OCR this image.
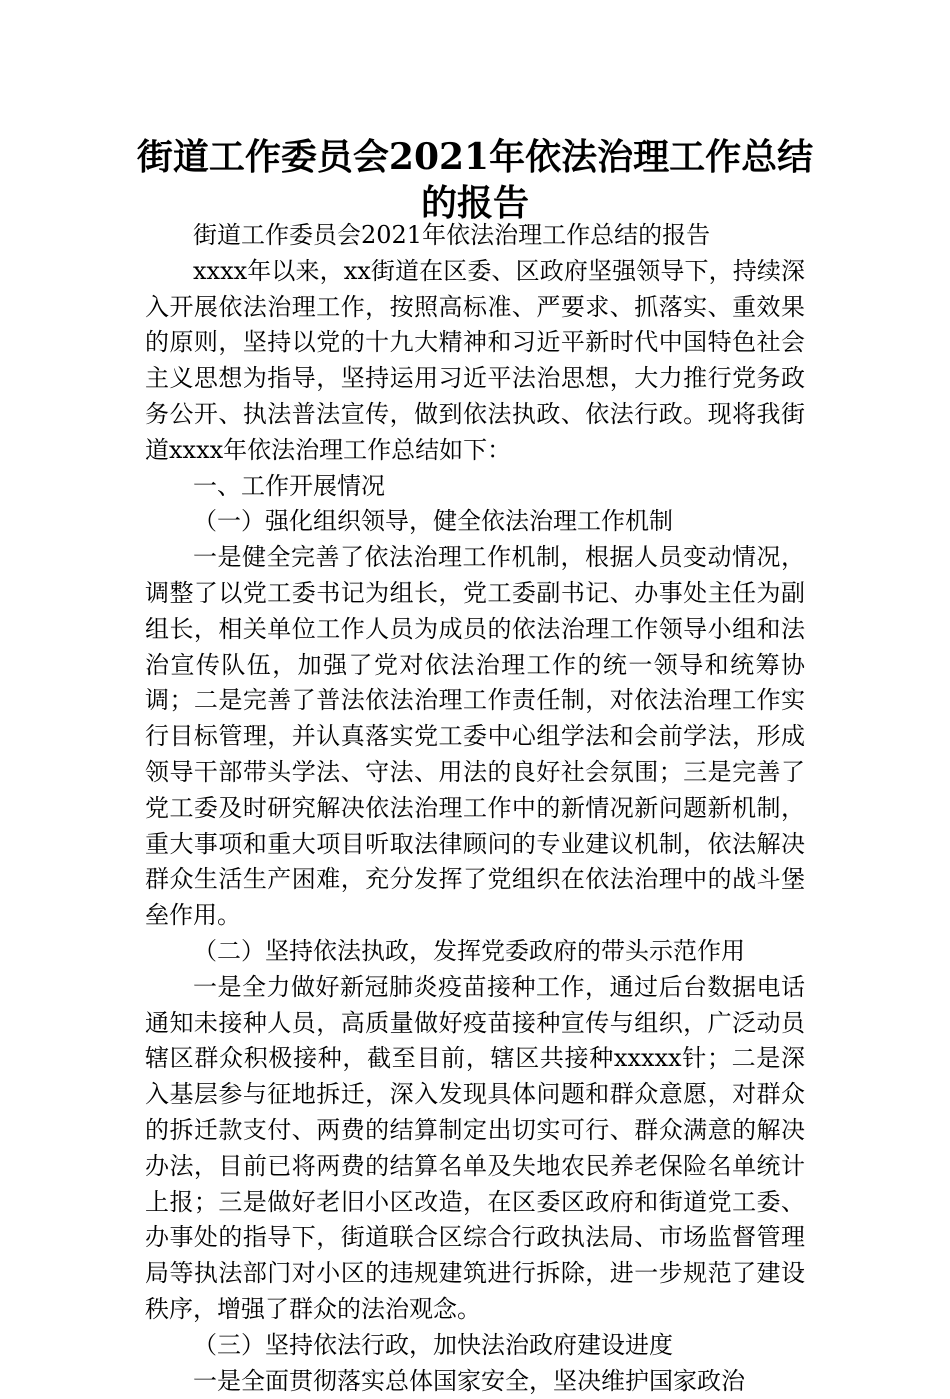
街道工作委员会2021年依法治理工作总结的报告

街道工作委员会2021年依法治理工作总结的报告

xxxx年以来，xx街道在区委、区政府坚强领导下，持续深入开展依法治理工作，按照高标准、严要求、抓落实、重效果的原则，坚持以党的十九大精神和习近平新时代中国特色社会主义思想为指导，坚持运用习近平法治思想，大力推行党务政务公开、执法普法宣传，做到依法执政、依法行政。现将我街道xxxx年依法治理工作总结如下：

一、工作开展情况

（一）强化组织领导，健全依法治理工作机制

一是健全完善了依法治理工作机制，根据人员变动情况，调整了以党工委书记为组长，党工委副书记、办事处主任为副组长，相关单位工作人员为成员的依法治理工作领导小组和法治宣传队伍，加强了党对依法治理工作的统一领导和统筹协调；二是完善了普法依法治理工作责任制，对依法治理工作实行目标管理，并认真落实党工委中心组学法和会前学法，形成领导干部带头学法、守法、用法的良好社会氛围；三是完善了党工委及时研究解决依法治理工作中的新情况新问题新机制，重大事项和重大项目听取法律顾问的专业建议机制，依法解决群众生活生产困难，充分发挥了党组织在依法治理中的战斗堡垒作用。

（二）坚持依法执政，发挥党委政府的带头示范作用

一是全力做好新冠肺炎疫苗接种工作，通过后台数据电话通知未接种人员，高质量做好疫苗接种宣传与组织，广泛动员辖区群众积极接种，截至目前，辖区共接种xxxxx针；二是深入基层参与征地拆迁，深入发现具体问题和群众意愿，对群众的拆迁款支付、两费的结算制定出切实可行、群众满意的解决办法，目前已将两费的结算名单及失地农民养老保险名单统计上报；三是做好老旧小区改造，在区委区政府和街道党工委、办事处的指导下，街道联合区综合行政执法局、市场监督管理局等执法部门对小区的违规建筑进行拆除，进一步规范了建设秩序，增强了群众的法治观念。

（三）坚持依法行政，加快法治政府建设进度

一是全面贯彻落实总体国家安全，坚决维护国家政治
